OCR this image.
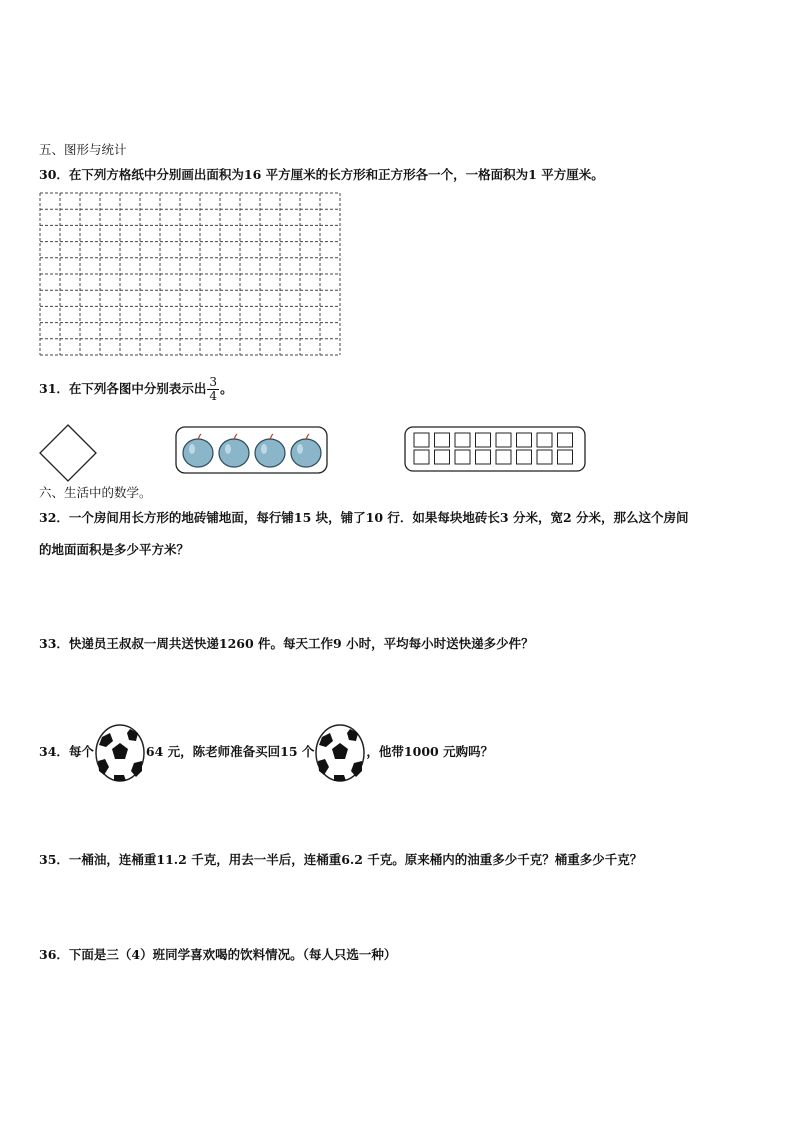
五、图形与统计
30．在下列方格纸中分别画出面积为16 平方厘米的长方形和正方形各一个，一格面积为1 平方厘米。
31．在下列各图中分别表示出 $\frac{3}{4}$ 。
六、生活中的数学。
32．一个房间用长方形的地砖铺地面，每行铺15 块，铺了10 行．如果每块地砖长3 分米，宽2 分米，那么这个房间
的地面面积是多少平方米？
33．快递员王叔叔一周共送快递1260 件。每天工作9 小时，平均每小时送快递多少件？
34．每个	64 元，陈老师准备买回15 个	，他带1000 元购吗？
35．一桶油，连桶重11.2 千克，用去一半后，连桶重6.2 千克。原来桶内的油重多少千克？桶重多少千克？
36．下面是三（4）班同学喜欢喝的饮料情况。（每人只选一种）
